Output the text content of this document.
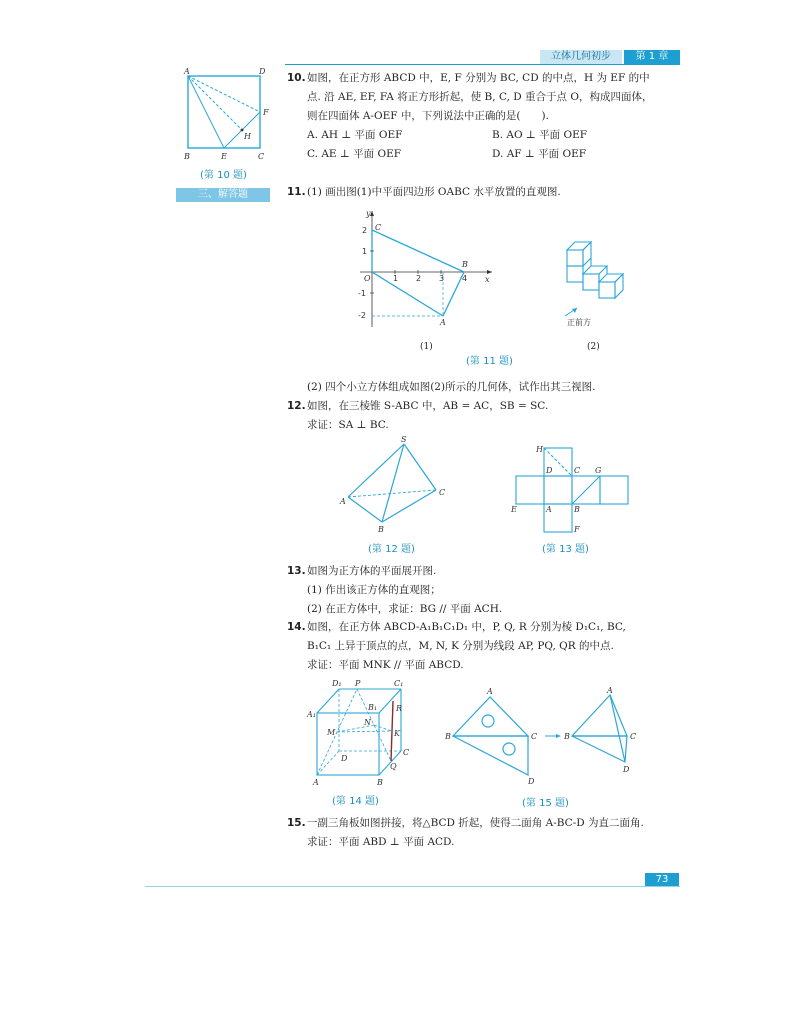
立体几何初步	第 1 章
A	D
F
H
B	E	C
(第 10 题)
三、解答题
10.如图，在正方形 ABCD 中，E, F 分别为 BC, CD 的中点，H 为 EF 的中
点. 沿 AE, EF, FA 将正方形折起，使 B, C, D 重合于点 O，构成四面体，
则在四面体 A-OEF 中，下列说法中正确的是(　　).
A. AH ⊥ 平面 OEF	B. AO ⊥ 平面 OEF
C. AE ⊥ 平面 OEF	D. AF ⊥ 平面 OEF
11.(1) 画出图(1)中平面四边形 OABC 水平放置的直观图.
y
x
O
C
B
A
1 2 3 4
2
1
-1
-2
正前方
(1)	(2)
(第 11 题)
(2) 四个小立方体组成如图(2)所示的几何体，试作出其三视图.
12.如图，在三棱锥 S-ABC 中，AB = AC，SB = SC.
求证：SA ⊥ BC.
S
A
B
C
(第 12 题)
H
D	C G
E	A	B
F
(第 13 题)
13.如图为正方体的平面展开图.
(1) 作出该正方体的直观图；
(2) 在正方体中，求证：BG // 平面 ACH.
14.如图，在正方体 ABCD-A₁B₁C₁D₁ 中，P, Q, R 分别为棱 D₁C₁, BC,
B₁C₁ 上异于顶点的点，M, N, K 分别为线段 AP, PQ, QR 的中点.
求证：平面 MNK // 平面 ABCD.
D₁ P	C₁
A₁
B₁ R
N
M	K
C
D
Q
A	B
(第 14 题)
A
B	C
D
A
B	C
D
(第 15 题)
15.一副三角板如图拼接，将△BCD 折起，使得二面角 A-BC-D 为直二面角.
求证：平面 ABD ⊥ 平面 ACD.
73
